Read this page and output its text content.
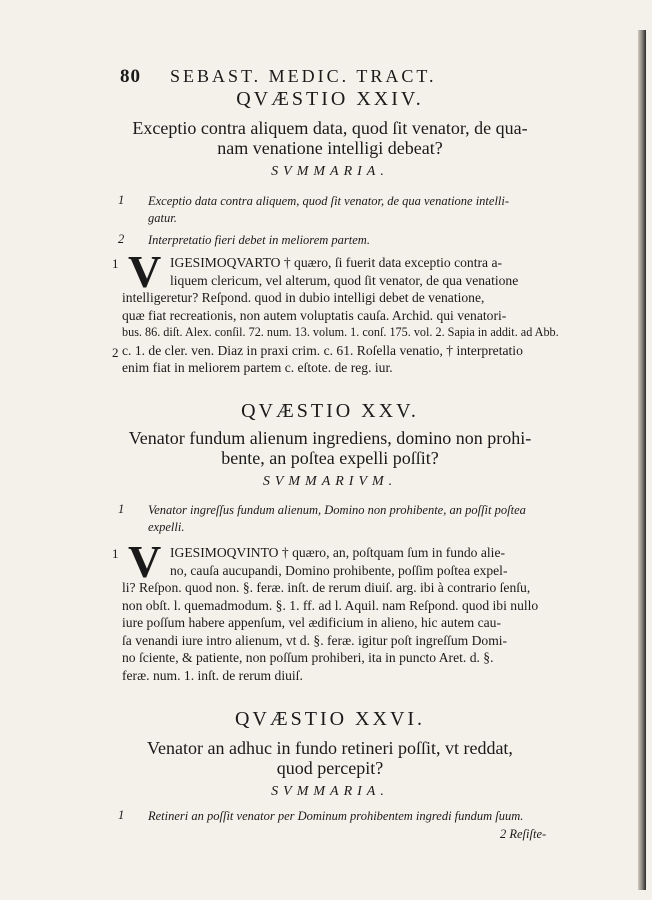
80 SEBAST. MEDIC. TRACT.
QVÆSTIO XXIV.
Exceptio contra aliquem data, quod ſit venator, de qua-
nam venatione intelligi debeat?
SVMMARIA.
1 Exceptio data contra aliquem, quod ſit venator, de qua venatione intelli-
gatur.
2 Interpretatio fieri debet in meliorem partem.
1
2
V IGESIMOQVARTO † quæro, ſi fuerit data exceptio contra a-
liquem clericum, vel alterum, quod ſit venator, de qua venatione
intelligeretur? Reſpond. quod in dubio intelligi debet de venatione,
quæ fiat recreationis, non autem voluptatis cauſa. Archid. qui venatori-
bus. 86. diſt. Alex. conſil. 72. num. 13. volum. 1. conſ. 175. vol. 2. Sapia in addit. ad Abb.
c. 1. de cler. ven. Diaz in praxi crim. c. 61. Roſella venatio, † interpretatio
enim fiat in meliorem partem c. eſtote. de reg. iur.
QVÆSTIO XXV.
Venator fundum alienum ingrediens, domino non prohi-
bente, an poſtea expelli poſſit?
SVMMARIVM.
1 Venator ingreſſus fundum alienum, Domino non prohibente, an poſſit poſtea
expelli.
1 V IGESIMOQVINTO † quæro, an, poſtquam ſum in fundo alie-
no, cauſa aucupandi, Domino prohibente, poſſim poſtea expel-
li? Reſpon. quod non. §. feræ. inſt. de rerum diuiſ. arg. ibi à contrario ſenſu,
non obſt. l. quemadmodum. §. 1. ff. ad l. Aquil. nam Reſpond. quod ibi nullo
iure poſſum habere appenſum, vel ædificium in alieno, hic autem cau-
ſa venandi iure intro alienum, vt d. §. feræ. igitur poſt ingreſſum Domi-
no ſciente, & patiente, non poſſum prohiberi, ita in puncto Aret. d. §.
feræ. num. 1. inſt. de rerum diuiſ.
QVÆSTIO XXVI.
Venator an adhuc in fundo retineri poſſit, vt reddat,
quod percepit?
SVMMARIA.
1 Retineri an poſſit venator per Dominum prohibentem ingredi fundum ſuum.
2 Reſiſte-
